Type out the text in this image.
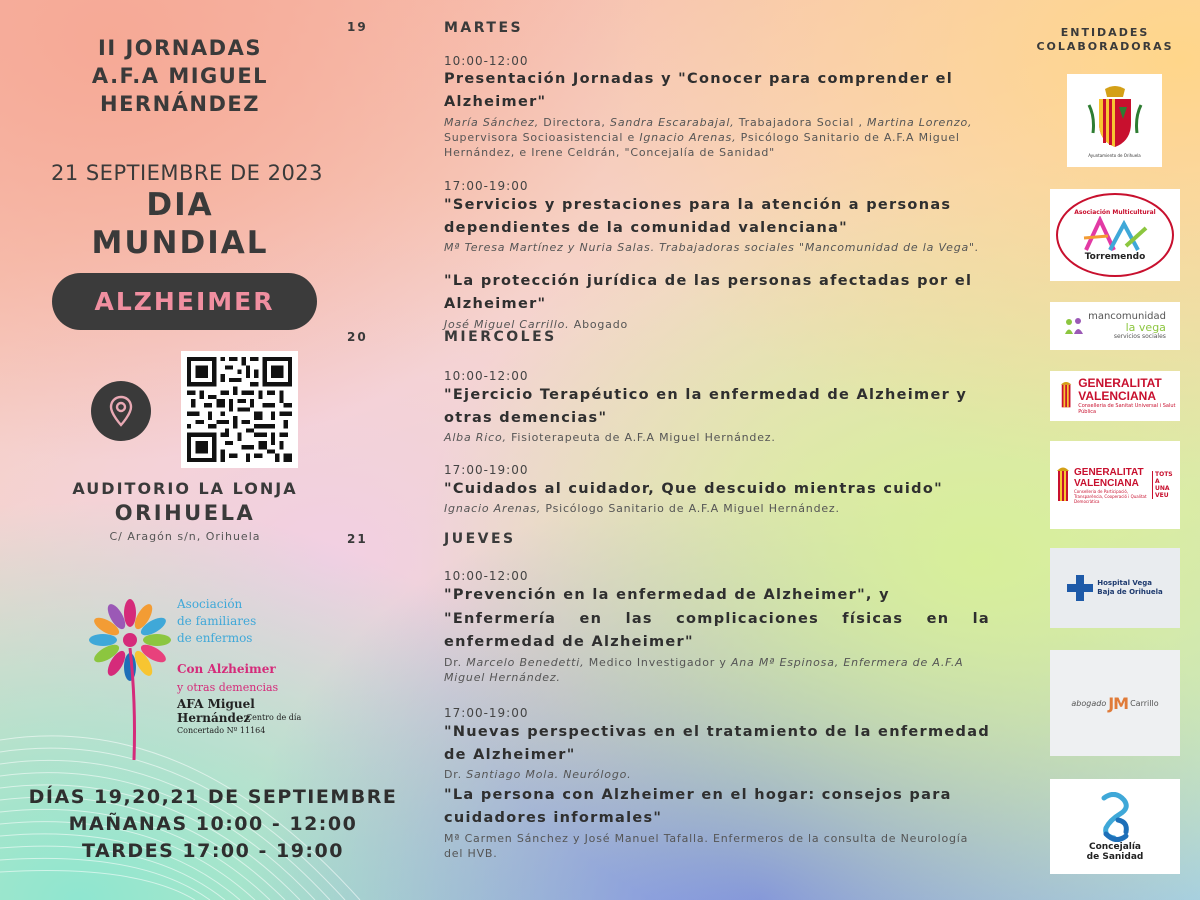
II JORNADAS
A.F.A MIGUEL
HERNÁNDEZ
21 SEPTIEMBRE DE 2023
DIA
MUNDIAL
ALZHEIMER
AUDITORIO LA LONJA
ORIHUELA
C/ Aragón s/n, Orihuela
Asociación
de familiares
de enfermos
Con Alzheimer
y otras demencias
AFA Miguel
Hernández
Centro de día
Concertado Nº 11164
DÍAS 19,20,21 DE SEPTIEMBRE
MAÑANAS 10:00 - 12:00
TARDES 17:00 - 19:00
19	MARTES
10:00-12:00
Presentación Jornadas y "Conocer para comprender el Alzheimer"
María Sánchez, Directora, Sandra Escarabajal, Trabajadora Social , Martina Lorenzo, Supervisora Socioasistencial e Ignacio Arenas, Psicólogo Sanitario de A.F.A Miguel Hernández, e Irene Celdrán, "Concejalía de Sanidad"
17:00-19:00
"Servicios y prestaciones para la atención a personas dependientes de la comunidad valenciana"
Mª Teresa Martínez y Nuria Salas. Trabajadoras sociales "Mancomunidad de la Vega".
"La protección jurídica de las personas afectadas por el Alzheimer"
José Miguel Carrillo. Abogado
20	MIERCOLES
10:00-12:00
"Ejercicio Terapéutico en la enfermedad de Alzheimer y otras demencias"
Alba Rico, Fisioterapeuta de A.F.A Miguel Hernández.
17:00-19:00
"Cuidados al cuidador, Que descuido mientras cuido"
Ignacio Arenas, Psicólogo Sanitario de A.F.A Miguel Hernández.
21	JUEVES
10:00-12:00
"Prevención en la enfermedad de Alzheimer", y
"Enfermería en las complicaciones físicas en la enfermedad de Alzheimer"
Dr. Marcelo Benedetti, Medico Investigador y Ana Mª Espinosa, Enfermera de A.F.A Miguel Hernández.
17:00-19:00
"Nuevas perspectivas en el tratamiento de la enfermedad de Alzheimer"
Dr. Santiago Mola. Neurólogo.
"La persona con Alzheimer en el hogar: consejos para cuidadores informales"
Mª Carmen Sánchez y José Manuel Tafalla. Enfermeros de la consulta de Neurología del HVB.
ENTIDADES
COLABORADORAS
Ayuntamiento de Orihuela
Asociación Multicultural
Torremendo
mancomunidad
la vega
servicios sociales
GENERALITAT
VALENCIANA
Conselleria de Sanitat Universal i Salut Pública
GENERALITAT
VALENCIANA
Conselleria de Participació, Transparència, Cooperació i Qualitat Democràtica
TOTS A UNA VEU
Hospital Vega
Baja de Orihuela
abogado JM Carrillo
Concejalía
de Sanidad
